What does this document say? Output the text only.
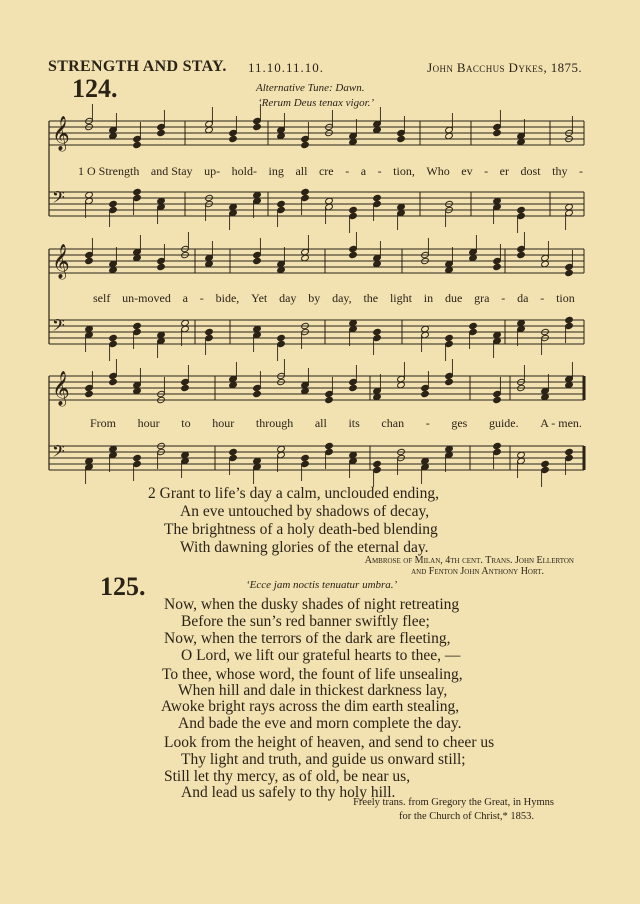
STRENGTH AND STAY. 11.10.11.10.	John Bacchus Dykes, 1875.
124.	Alternative Tune: Dawn.
‘Rerum Deus tenax vigor.’
𝄞
𝄢
𝄞
𝄢
𝄞
𝄢
1 O Strength and Stay up- hold- ing all cre - a - tion, Who ev - er dost thy -
self un-moved a - bide, Yet day by day, the light in due gra - da - tion
From hour to hour through all its chan - ges guide. A - men.
2 Grant to life’s day a calm, unclouded ending,
An eve untouched by shadows of decay,
The brightness of a holy death-bed blending
With dawning glories of the eternal day.
Ambrose of Milan, 4th cent. Trans. John Ellerton
and Fenton John Anthony Hort.
125.	‘Ecce jam noctis tenuatur umbra.’
Now, when the dusky shades of night retreating
Before the sun’s red banner swiftly flee;
Now, when the terrors of the dark are fleeting,
O Lord, we lift our grateful hearts to thee, —
To thee, whose word, the fount of life unsealing,
When hill and dale in thickest darkness lay,
Awoke bright rays across the dim earth stealing,
And bade the eve and morn complete the day.
Look from the height of heaven, and send to cheer us
Thy light and truth, and guide us onward still;
Still let thy mercy, as of old, be near us,
And lead us safely to thy holy hill.
Freely trans. from Gregory the Great, in Hymns
for the Church of Christ,* 1853.
